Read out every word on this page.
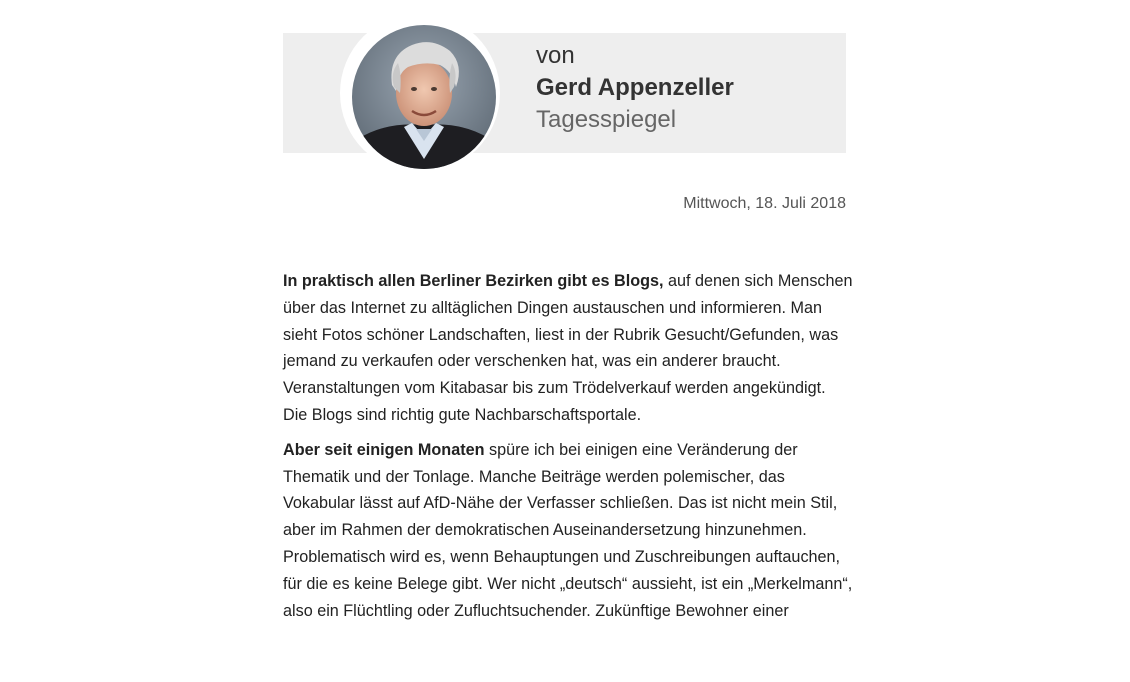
von
Gerd Appenzeller
Tagesspiegel
Mittwoch, 18. Juli 2018

In praktisch allen Berliner Bezirken gibt es Blogs, auf denen sich Menschen über das Internet zu alltäglichen Dingen austauschen und informieren. Man sieht Fotos schöner Landschaften, liest in der Rubrik Gesucht/Gefunden, was jemand zu verkaufen oder verschenken hat, was ein anderer braucht. Veranstaltungen vom Kitabasar bis zum Trödelverkauf werden angekündigt. Die Blogs sind richtig gute Nachbarschaftsportale.

Aber seit einigen Monaten spüre ich bei einigen eine Veränderung der Thematik und der Tonlage. Manche Beiträge werden polemischer, das Vokabular lässt auf AfD-Nähe der Verfasser schließen. Das ist nicht mein Stil, aber im Rahmen der demokratischen Auseinandersetzung hinzunehmen. Problematisch wird es, wenn Behauptungen und Zuschreibungen auftauchen, für die es keine Belege gibt. Wer nicht „deutsch“ aussieht, ist ein „Merkelmann“, also ein Flüchtling oder Zufluchtsuchender. Zukünftige Bewohner einer
